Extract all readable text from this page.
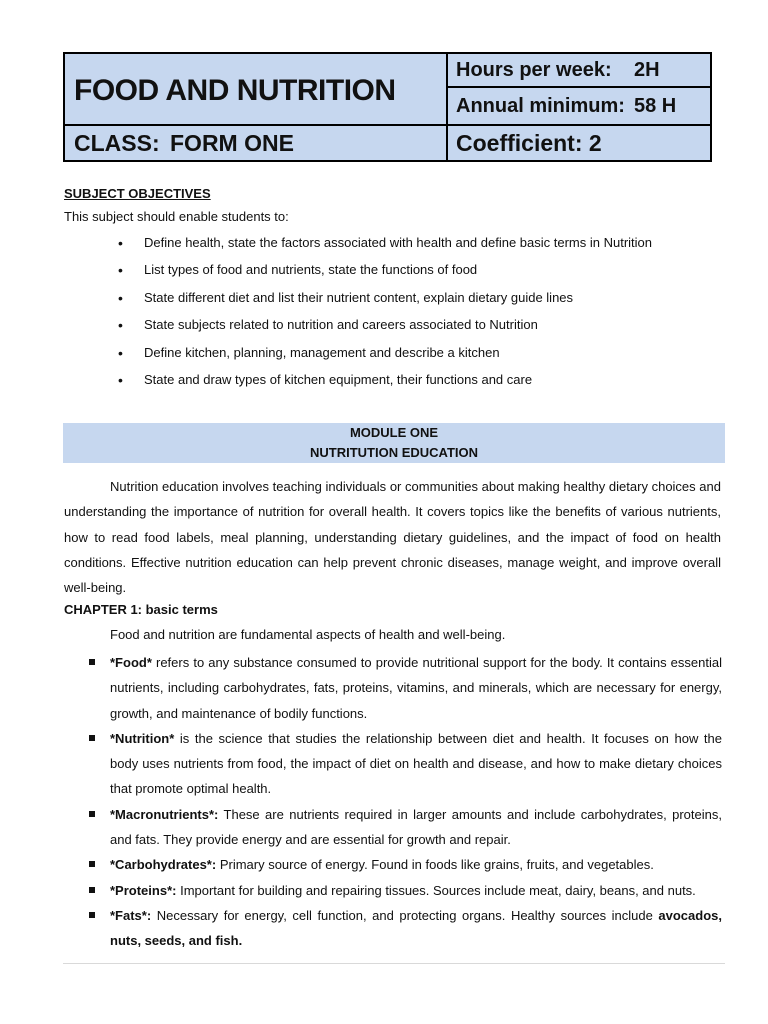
FOOD AND NUTRITION
Hours per week:	2H
Annual minimum: 58 H
CLASS: FORM ONE	Coefficient: 2
SUBJECT OBJECTIVES
This subject should enable students to:
• Define health, state the factors associated with health and define basic terms in Nutrition
• List types of food and nutrients, state the functions of food
• State different diet and list their nutrient content, explain dietary guide lines
• State subjects related to nutrition and careers associated to Nutrition
• Define kitchen, planning, management and describe a kitchen
• State and draw types of kitchen equipment, their functions and care
MODULE ONE
NUTRITUTION EDUCATION

Nutrition education involves teaching individuals or communities about making healthy dietary choices and understanding the importance of nutrition for overall health. It covers topics like the benefits of various nutrients, how to read food labels, meal planning, understanding dietary guidelines, and the impact of food on health conditions. Effective nutrition education can help prevent chronic diseases, manage weight, and improve overall well-being.

CHAPTER 1: basic terms
Food and nutrition are fundamental aspects of health and well-being.
*Food* refers to any substance consumed to provide nutritional support for the body. It contains essential nutrients, including carbohydrates, fats, proteins, vitamins, and minerals, which are necessary for energy, growth, and maintenance of bodily functions.
*Nutrition* is the science that studies the relationship between diet and health. It focuses on how the body uses nutrients from food, the impact of diet on health and disease, and how to make dietary choices that promote optimal health.
*Macronutrients*: These are nutrients required in larger amounts and include carbohydrates, proteins, and fats. They provide energy and are essential for growth and repair.
*Carbohydrates*: Primary source of energy. Found in foods like grains, fruits, and vegetables.
*Proteins*: Important for building and repairing tissues. Sources include meat, dairy, beans, and nuts.
*Fats*: Necessary for energy, cell function, and protecting organs. Healthy sources include avocados, nuts, seeds, and fish.
